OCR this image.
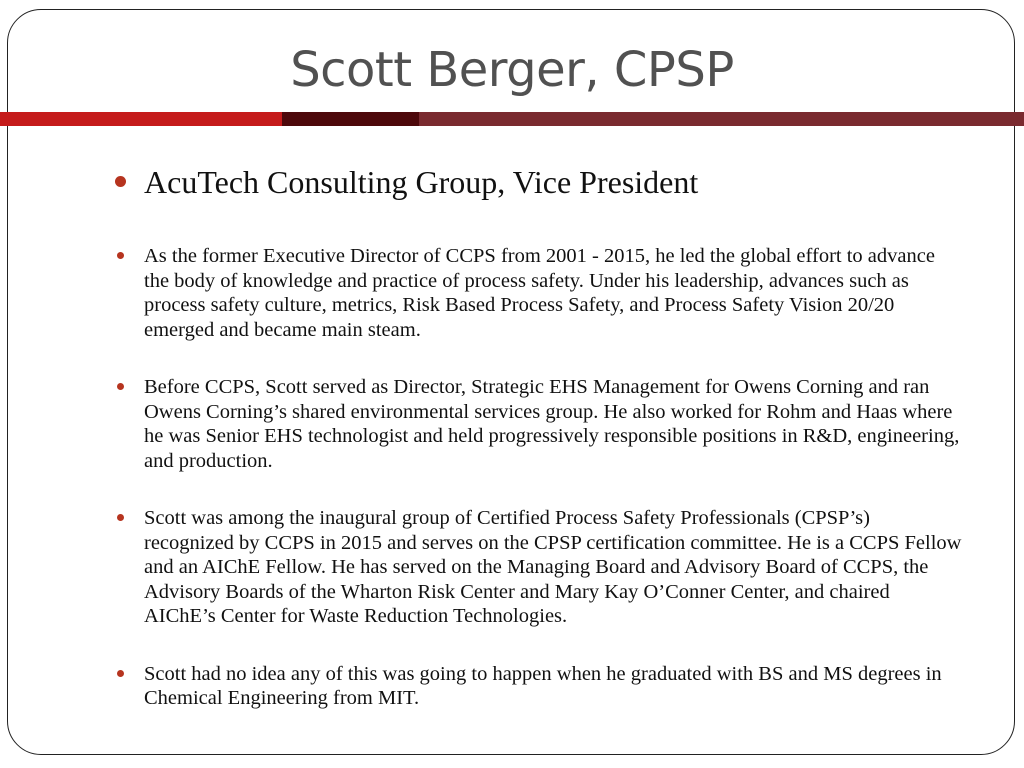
Scott Berger, CPSP
AcuTech Consulting Group, Vice President
As the former Executive Director of CCPS from 2001 - 2015, he led the global effort to advance the body of knowledge and practice of process safety. Under his leadership, advances such as process safety culture, metrics, Risk Based Process Safety, and Process Safety Vision 20/20 emerged and became main steam.
Before CCPS, Scott served as Director, Strategic EHS Management for Owens Corning and ran Owens Corning’s shared environmental services group. He also worked for Rohm and Haas where he was Senior EHS technologist and held progressively responsible positions in R&D, engineering, and production.
Scott was among the inaugural group of Certified Process Safety Professionals (CPSP’s) recognized by CCPS in 2015 and serves on the CPSP certification committee. He is a CCPS Fellow and an AIChE Fellow. He has served on the Managing Board and Advisory Board of CCPS, the Advisory Boards of the Wharton Risk Center and Mary Kay O’Conner Center, and chaired AIChE’s Center for Waste Reduction Technologies.
Scott had no idea any of this was going to happen when he graduated with BS and MS degrees in Chemical Engineering from MIT.
